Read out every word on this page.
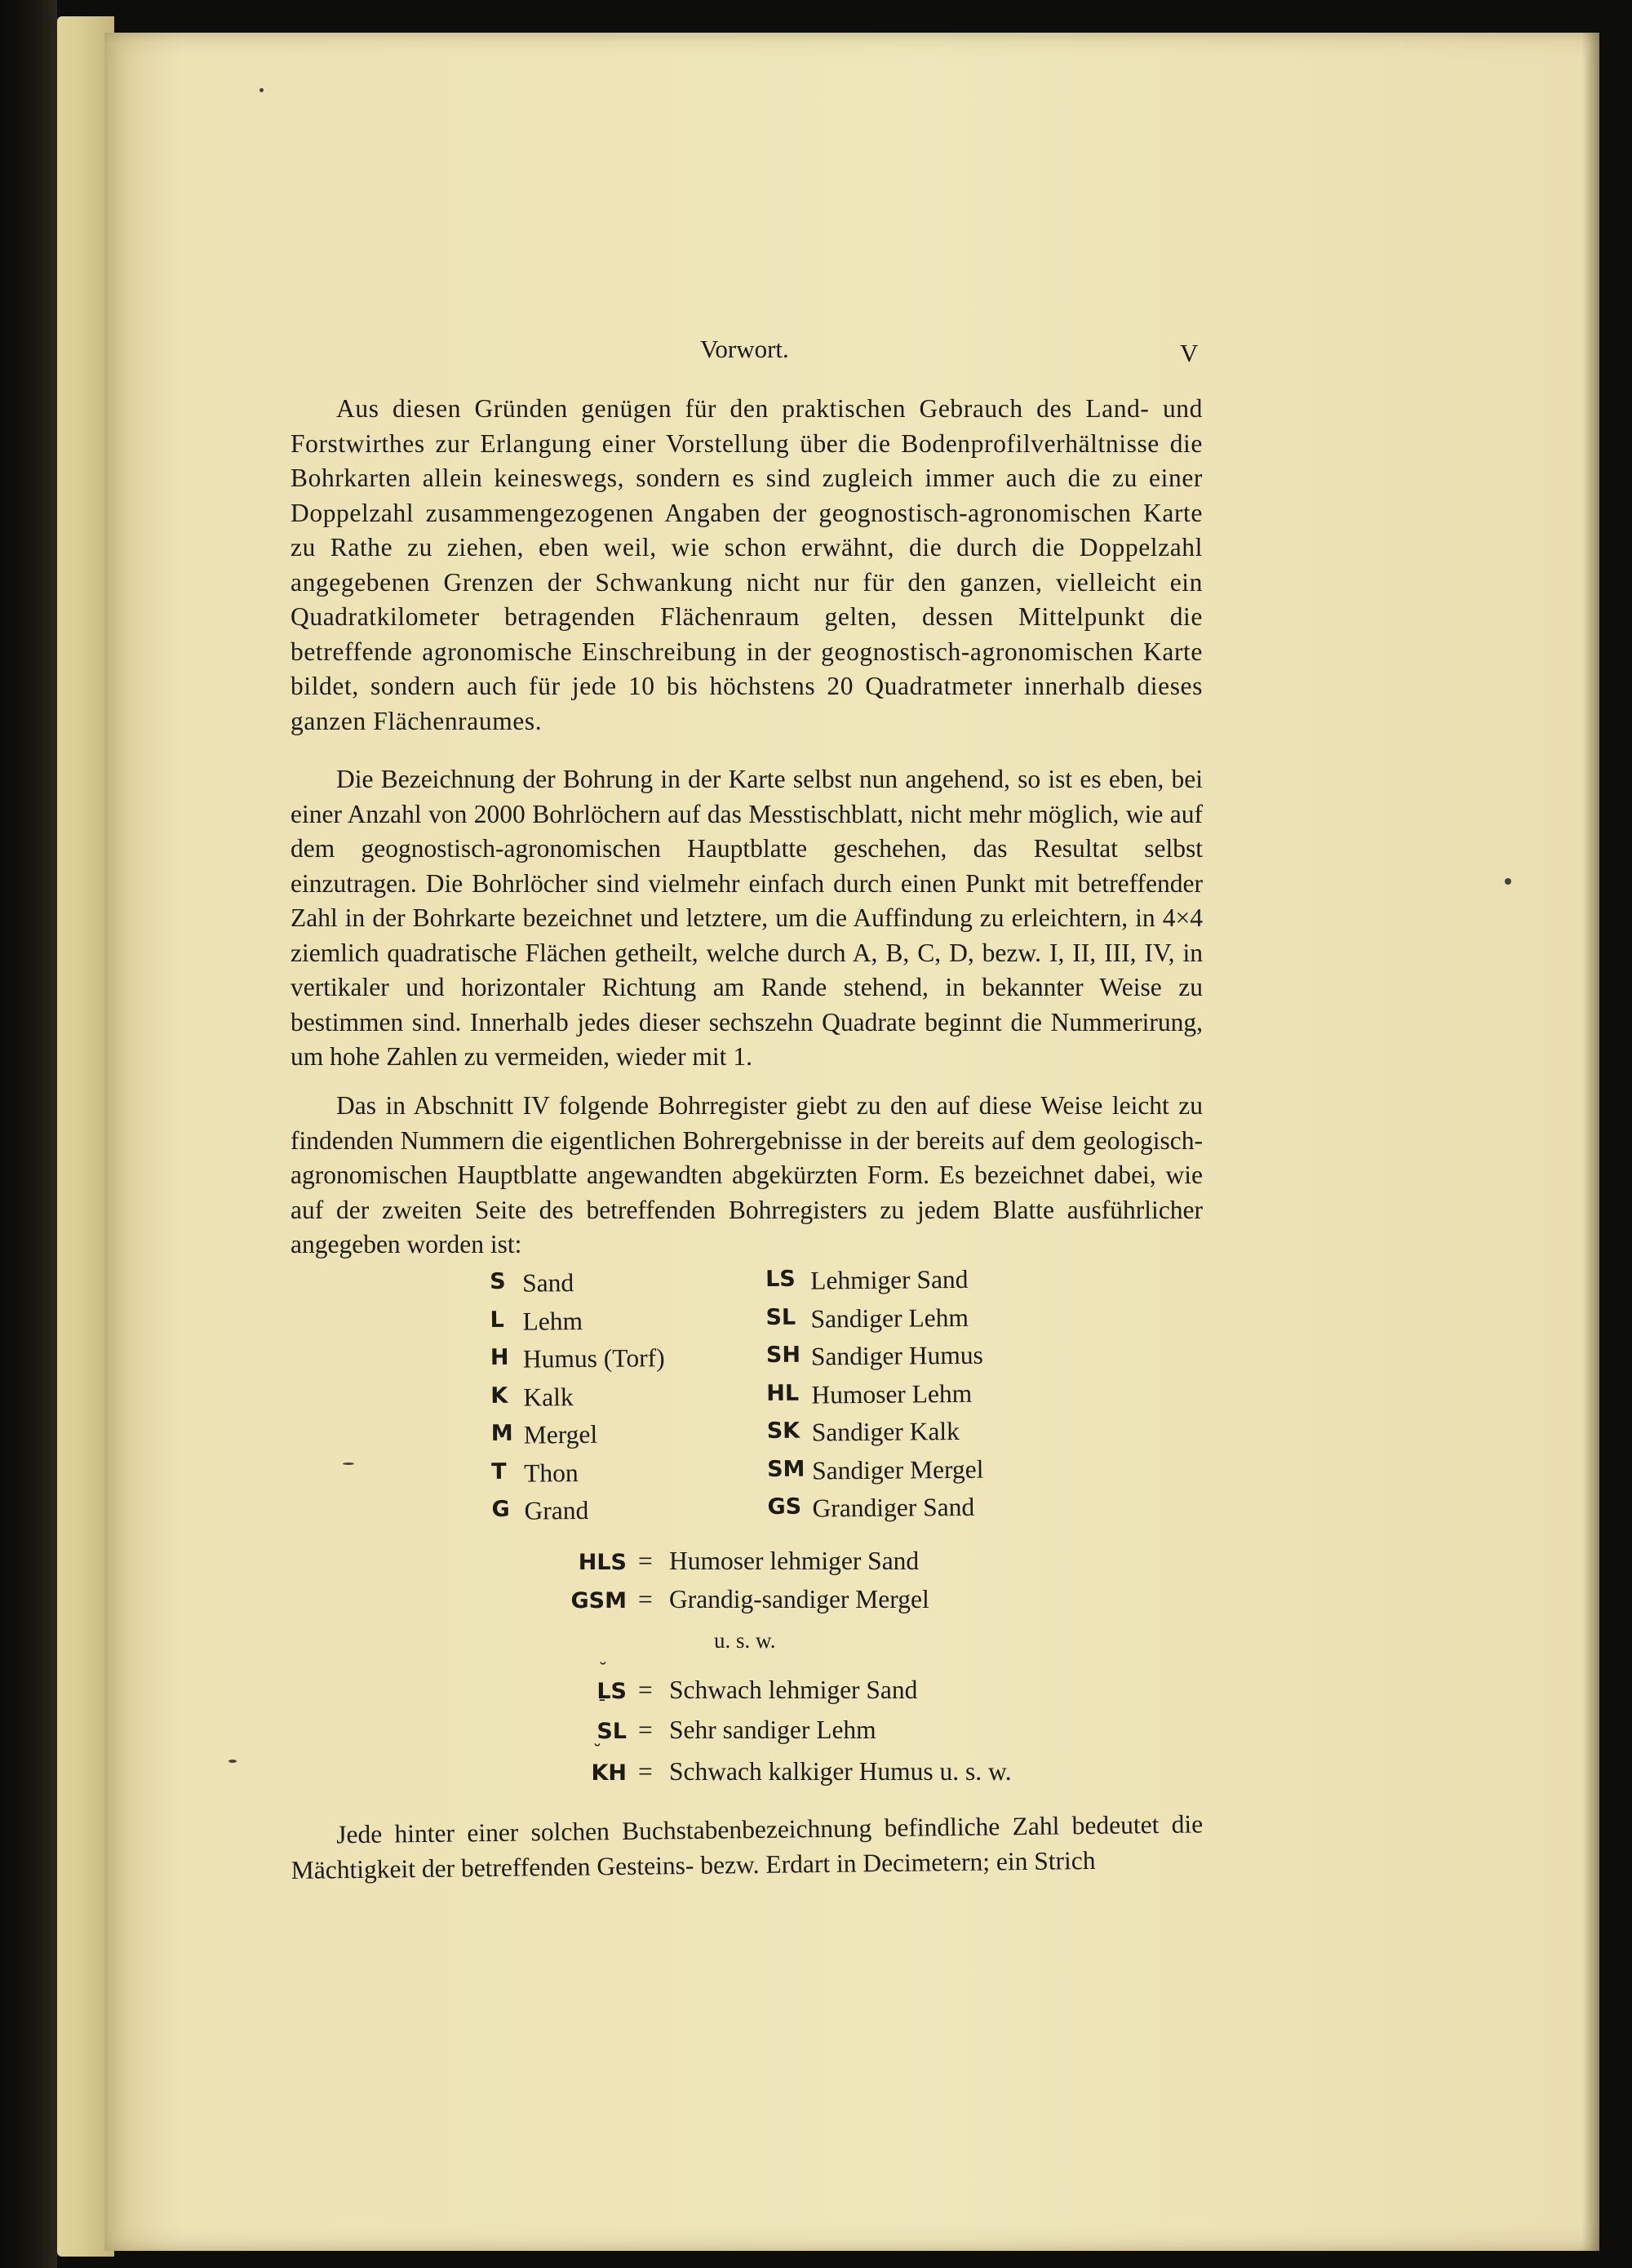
Vorwort.	V

Aus diesen Gründen genügen für den praktischen Gebrauch des Land- und Forstwirthes zur Erlangung einer Vorstellung über die Bodenprofilverhältnisse die Bohrkarten allein keineswegs, sondern es sind zugleich immer auch die zu einer Doppelzahl zusammengezogenen Angaben der geognostisch-agronomischen Karte zu Rathe zu ziehen, eben weil, wie schon erwähnt, die durch die Doppelzahl angegebenen Grenzen der Schwankung nicht nur für den ganzen, vielleicht ein Quadratkilometer betragenden Flächenraum gelten, dessen Mittelpunkt die betreffende agronomische Einschreibung in der geognostisch-agronomischen Karte bildet, sondern auch für jede 10 bis höchstens 20 Quadratmeter innerhalb dieses ganzen Flächenraumes.

Die Bezeichnung der Bohrung in der Karte selbst nun angehend, so ist es eben, bei einer Anzahl von 2000 Bohrlöchern auf das Messtischblatt, nicht mehr möglich, wie auf dem geognostisch-agronomischen Hauptblatte geschehen, das Resultat selbst einzutragen. Die Bohrlöcher sind vielmehr einfach durch einen Punkt mit betreffender Zahl in der Bohrkarte bezeichnet und letztere, um die Auffindung zu erleichtern, in 4×4 ziemlich quadratische Flächen getheilt, welche durch A, B, C, D, bezw. I, II, III, IV, in vertikaler und horizontaler Richtung am Rande stehend, in bekannter Weise zu bestimmen sind. Innerhalb jedes dieser sechszehn Quadrate beginnt die Nummerirung, um hohe Zahlen zu vermeiden, wieder mit 1.

Das in Abschnitt IV folgende Bohrregister giebt zu den auf diese Weise leicht zu findenden Nummern die eigentlichen Bohrergebnisse in der bereits auf dem geologisch-agronomischen Hauptblatte angewandten abgekürzten Form. Es bezeichnet dabei, wie auf der zweiten Seite des betreffenden Bohrregisters zu jedem Blatte ausführlicher angegeben worden ist:

S Sand	LS Lehmiger Sand
L Lehm	SL Sandiger Lehm
H Humus (Torf)	SH Sandiger Humus
K Kalk	HL Humoser Lehm
M Mergel	SK Sandiger Kalk
T Thon	SM Sandiger Mergel
G Grand	GS Grandiger Sand
HLS = Humoser lehmiger Sand
GSM = Grandig-sandiger Mergel
u. s. w.
˘ LS = Schwach lehmiger Sand
¯ SL = Sehr sandiger Lehm
˘ KH = Schwach kalkiger Humus u. s. w.

Jede hinter einer solchen Buchstabenbezeichnung befindliche Zahl bedeutet die Mächtigkeit der betreffenden Gesteins- bezw. Erdart in Decimetern; ein Strich
